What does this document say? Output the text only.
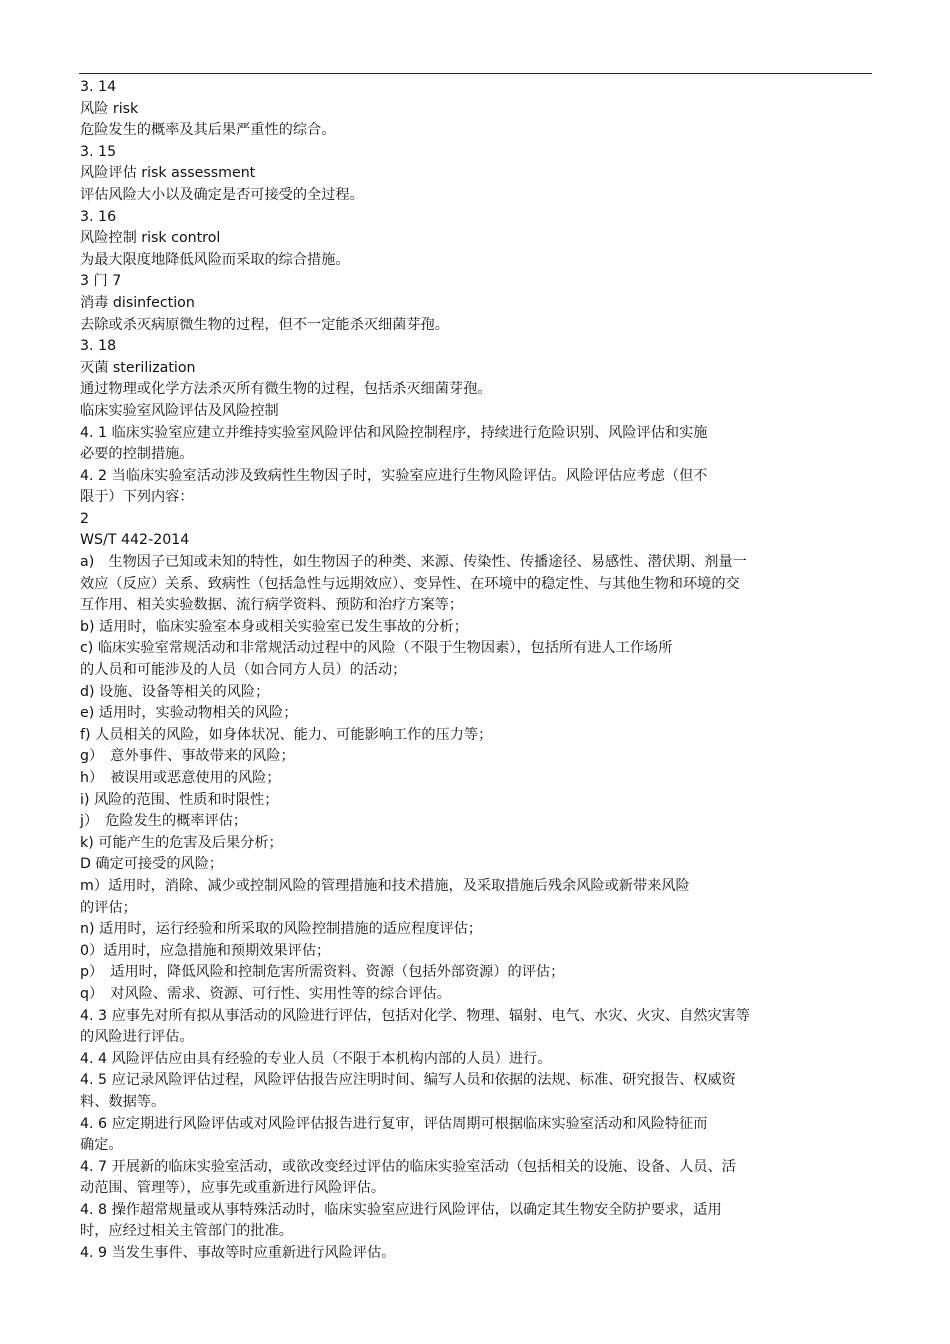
3. 14
风险 risk
危险发生的概率及其后果严重性的综合。
3. 15
风险评估 risk assessment
评估风险大小以及确定是否可接受的全过程。
3. 16
风险控制 risk control
为最大限度地降低风险而采取的综合措施。
3 门 7
消毒 disinfection
去除或杀灭病原微生物的过程，但不一定能杀灭细菌芽孢。
3. 18
灭菌 sterilization
通过物理或化学方法杀灭所有微生物的过程，包括杀灭细菌芽孢。
临床实验室风险评估及风险控制
4. 1 临床实验室应建立并维持实验室风险评估和风险控制程序，持续进行危险识别、风险评估和实施
必要的控制措施。
4. 2 当临床实验室活动涉及致病性生物因子时，实验室应进行生物风险评估。风险评估应考虑（但不
限于）下列内容：
2
WS/T 442-2014
a)　生物因子已知或未知的特性，如生物因子的种类、来源、传染性、传播途径、易感性、潜伏期、剂量一
效应（反应）关系、致病性（包括急性与远期效应）、变异性、在环境中的稳定性、与其他生物和环境的交
互作用、相关实验数据、流行病学资料、预防和治疗方案等；
b) 适用时，临床实验室本身或相关实验室已发生事故的分析；
c) 临床实验室常规活动和非常规活动过程中的风险（不限于生物因素），包括所有进人工作场所
的人员和可能涉及的人员（如合同方人员）的活动；
d) 设施、设备等相关的风险；
e) 适用时，实验动物相关的风险；
f) 人员相关的风险，如身体状况、能力、可能影响工作的压力等；
g）　意外事件、事故带来的风险；
h）　被误用或恶意使用的风险；
i) 风险的范围、性质和时限性；
j）　危险发生的概率评估；
k) 可能产生的危害及后果分析；
D 确定可接受的风险；
m）适用时，消除、减少或控制风险的管理措施和技术措施，及采取措施后残余风险或新带来风险
的评估；
n) 适用时，运行经验和所采取的风险控制措施的适应程度评估；
0）适用时，应急措施和预期效果评估；
p）　适用时，降低风险和控制危害所需资料、资源（包括外部资源）的评估；
q）　对风险、需求、资源、可行性、实用性等的综合评估。
4. 3 应事先对所有拟从事活动的风险进行评估，包括对化学、物理、辐射、电气、水灾、火灾、自然灾害等
的风险进行评估。
4. 4 风险评估应由具有经验的专业人员（不限于本机构内部的人员）进行。
4. 5 应记录风险评估过程，风险评估报告应注明时间、编写人员和依据的法规、标准、研究报告、权威资
料、数据等。
4. 6 应定期进行风险评估或对风险评估报告进行复审，评估周期可根据临床实验室活动和风险特征而
确定。
4. 7 开展新的临床实验室活动，或欲改变经过评估的临床实验室活动（包括相关的设施、设备、人员、活
动范围、管理等），应事先或重新进行风险评估。
4. 8 操作超常规量或从事特殊活动时，临床实验室应进行风险评估，以确定其生物安全防护要求，适用
时，应经过相关主管部门的批准。
4. 9 当发生事件、事故等时应重新进行风险评估。
